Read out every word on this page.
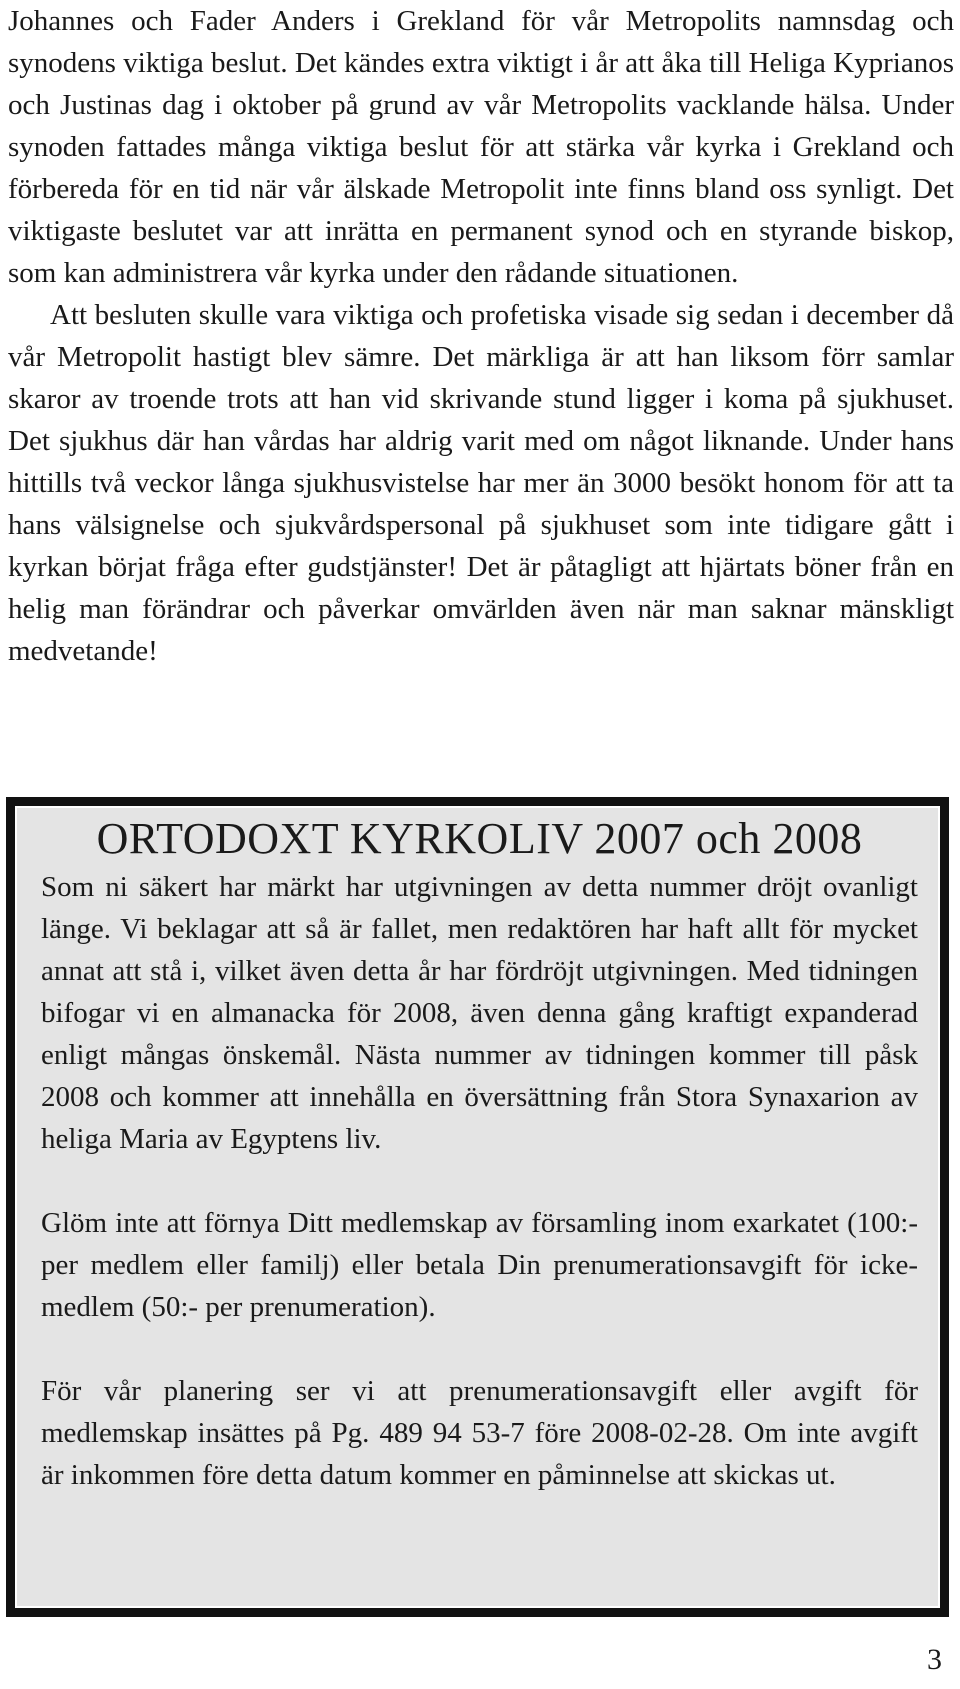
Johannes och Fader Anders i Grekland för vår Metropolits namnsdag och synodens viktiga beslut. Det kändes extra viktigt i år att åka till Heliga Kyprianos och Justinas dag i oktober på grund av vår Metropolits vacklande hälsa. Under synoden fattades många viktiga beslut för att stärka vår kyrka i Grekland och förbereda för en tid när vår älskade Metropolit inte finns bland oss synligt. Det viktigaste beslutet var att inrätta en permanent synod och en styrande biskop, som kan administrera vår kyrka under den rådande situationen.

Att besluten skulle vara viktiga och profetiska visade sig sedan i december då vår Metropolit hastigt blev sämre. Det märkliga är att han liksom förr samlar skaror av troende trots att han vid skrivande stund ligger i koma på sjukhuset. Det sjukhus där han vårdas har aldrig varit med om något liknande. Under hans hittills två veckor långa sjukhusvistelse har mer än 3000 besökt honom för att ta hans välsignelse och sjukvårdspersonal på sjukhuset som inte tidigare gått i kyrkan börjat fråga efter gudstjänster! Det är påtagligt att hjärtats böner från en helig man förändrar och påverkar omvärlden även när man saknar mänskligt medvetande!

ORTODOXT KYRKOLIV 2007 och 2008

Som ni säkert har märkt har utgivningen av detta nummer dröjt ovanligt länge. Vi beklagar att så är fallet, men redaktören har haft allt för mycket annat att stå i, vilket även detta år har fördröjt utgivningen. Med tidningen bifogar vi en almanacka för 2008, även denna gång kraftigt expanderad enligt mångas önskemål. Nästa nummer av tidningen kommer till påsk 2008 och kommer att innehålla en översättning från Stora Synaxarion av heliga Maria av Egyptens liv.

Glöm inte att förnya Ditt medlemskap av församling inom exarkatet (100:- per medlem eller familj) eller betala Din prenumerationsavgift för icke-medlem (50:- per prenumeration).

För vår planering ser vi att prenumerationsavgift eller avgift för medlemskap insättes på Pg. 489 94 53-7 före 2008-02-28. Om inte avgift är inkommen före detta datum kommer en påminnelse att skickas ut.

3
